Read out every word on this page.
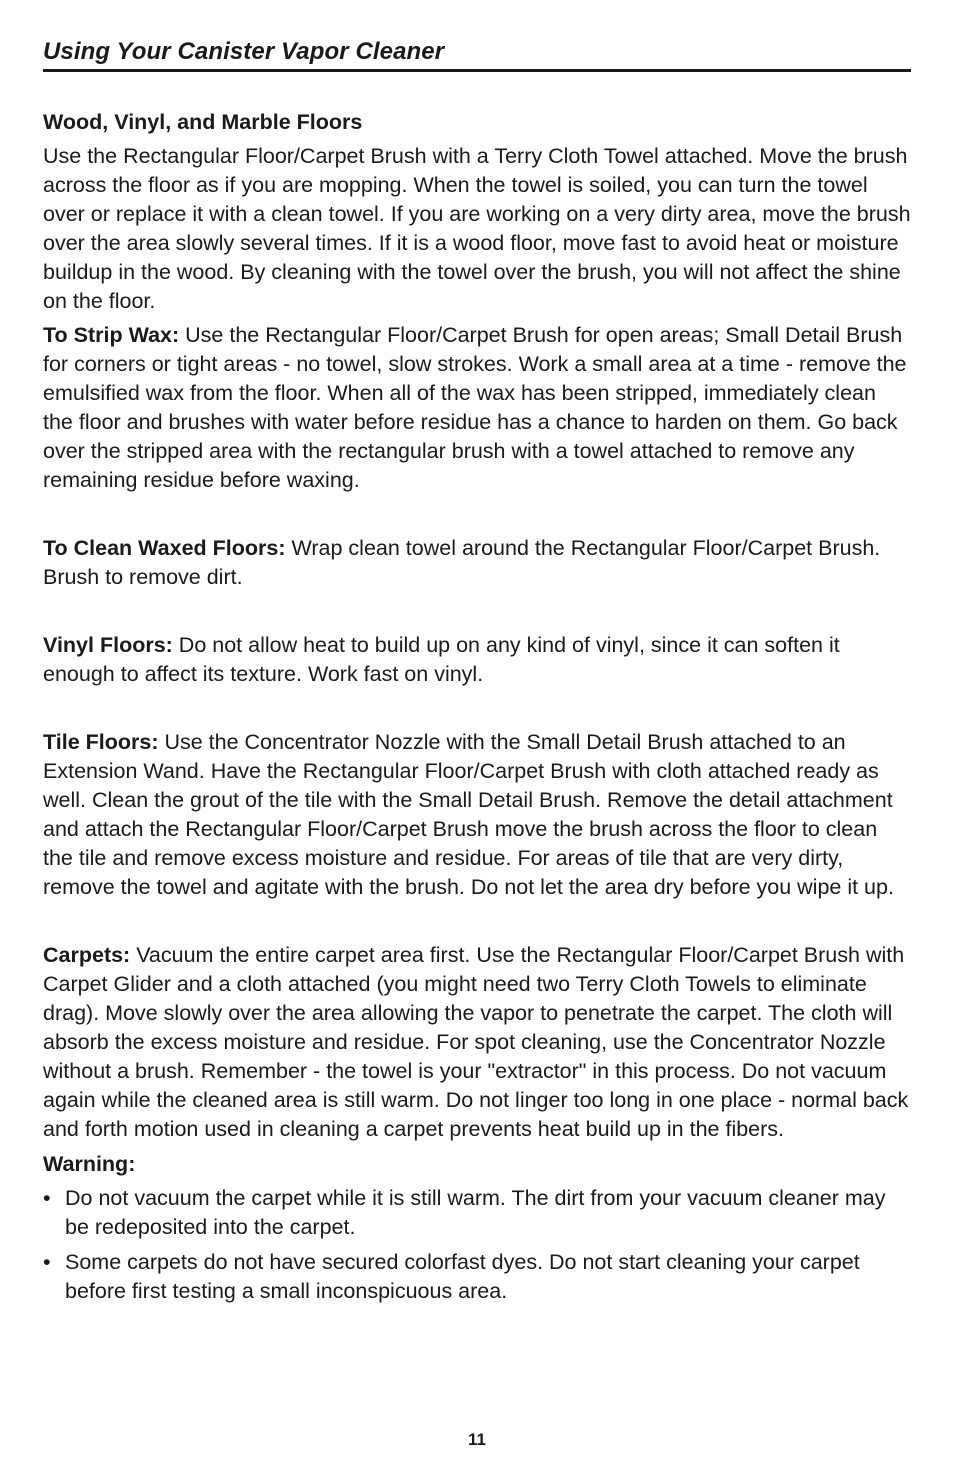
Using Your Canister Vapor Cleaner
Wood, Vinyl, and Marble Floors

Use the Rectangular Floor/Carpet Brush with a Terry Cloth Towel attached. Move the brush across the floor as if you are mopping. When the towel is soiled, you can turn the towel over or replace it with a clean towel. If you are working on a very dirty area, move the brush over the area slowly several times. If it is a wood floor, move fast to avoid heat or moisture buildup in the wood. By cleaning with the towel over the brush, you will not affect the shine on the floor.

To Strip Wax: Use the Rectangular Floor/Carpet Brush for open areas; Small Detail Brush for corners or tight areas - no towel, slow strokes. Work a small area at a time - remove the emulsified wax from the floor. When all of the wax has been stripped, immediately clean the floor and brushes with water before residue has a chance to harden on them. Go back over the stripped area with the rectangular brush with a towel attached to remove any remaining residue before waxing.

To Clean Waxed Floors: Wrap clean towel around the Rectangular Floor/Carpet Brush. Brush to remove dirt.

Vinyl Floors: Do not allow heat to build up on any kind of vinyl, since it can soften it enough to affect its texture. Work fast on vinyl.

Tile Floors: Use the Concentrator Nozzle with the Small Detail Brush attached to an Extension Wand. Have the Rectangular Floor/Carpet Brush with cloth attached ready as well. Clean the grout of the tile with the Small Detail Brush. Remove the detail attachment and attach the Rectangular Floor/Carpet Brush move the brush across the floor to clean the tile and remove excess moisture and residue. For areas of tile that are very dirty, remove the towel and agitate with the brush. Do not let the area dry before you wipe it up.

Carpets: Vacuum the entire carpet area first. Use the Rectangular Floor/Carpet Brush with Carpet Glider and a cloth attached (you might need two Terry Cloth Towels to eliminate drag). Move slowly over the area allowing the vapor to penetrate the carpet. The cloth will absorb the excess moisture and residue. For spot cleaning, use the Concentrator Nozzle without a brush. Remember - the towel is your "extractor" in this process. Do not vacuum again while the cleaned area is still warm. Do not linger too long in one place - normal back and forth motion used in cleaning a carpet prevents heat build up in the fibers.

Warning:
• Do not vacuum the carpet while it is still warm. The dirt from your vacuum cleaner may be redeposited into the carpet.
• Some carpets do not have secured colorfast dyes. Do not start cleaning your carpet before first testing a small inconspicuous area.
11
